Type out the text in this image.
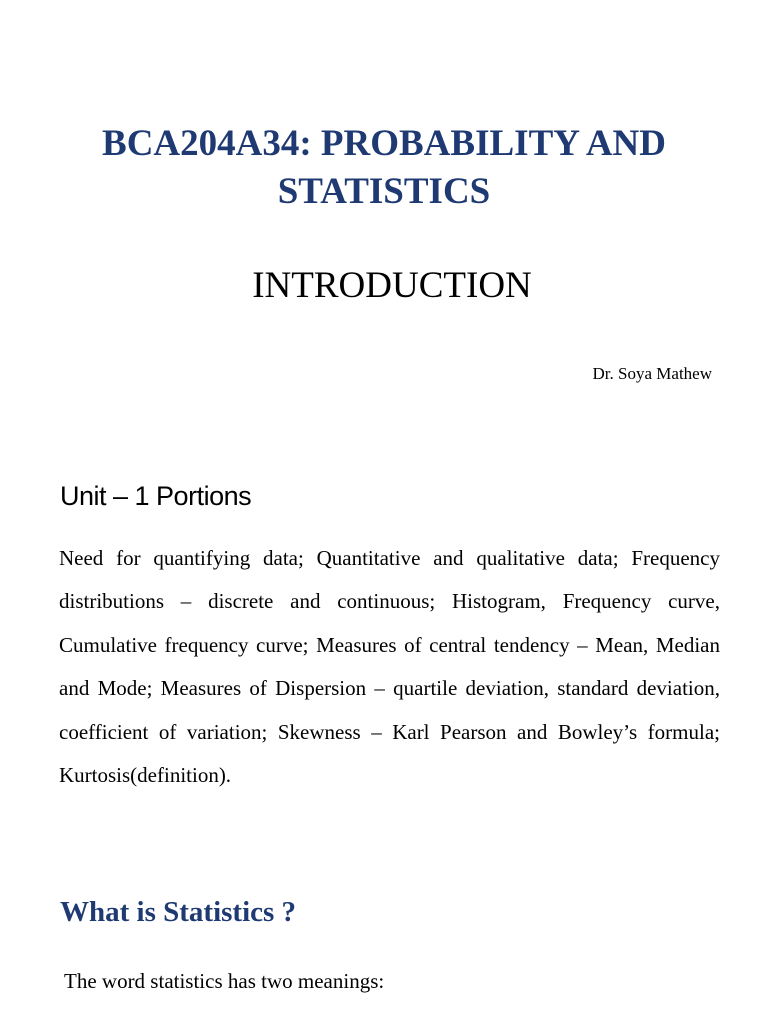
BCA204A34: PROBABILITY AND STATISTICS
INTRODUCTION
Dr. Soya Mathew
Unit – 1 Portions

Need for quantifying data; Quantitative and qualitative data; Frequency distributions – discrete and continuous; Histogram, Frequency curve, Cumulative frequency curve; Measures of central tendency – Mean, Median and Mode; Measures of Dispersion – quartile deviation, standard deviation, coefficient of variation; Skewness – Karl Pearson and Bowley’s formula; Kurtosis(definition).

What is Statistics ?

The word statistics has two meanings:
